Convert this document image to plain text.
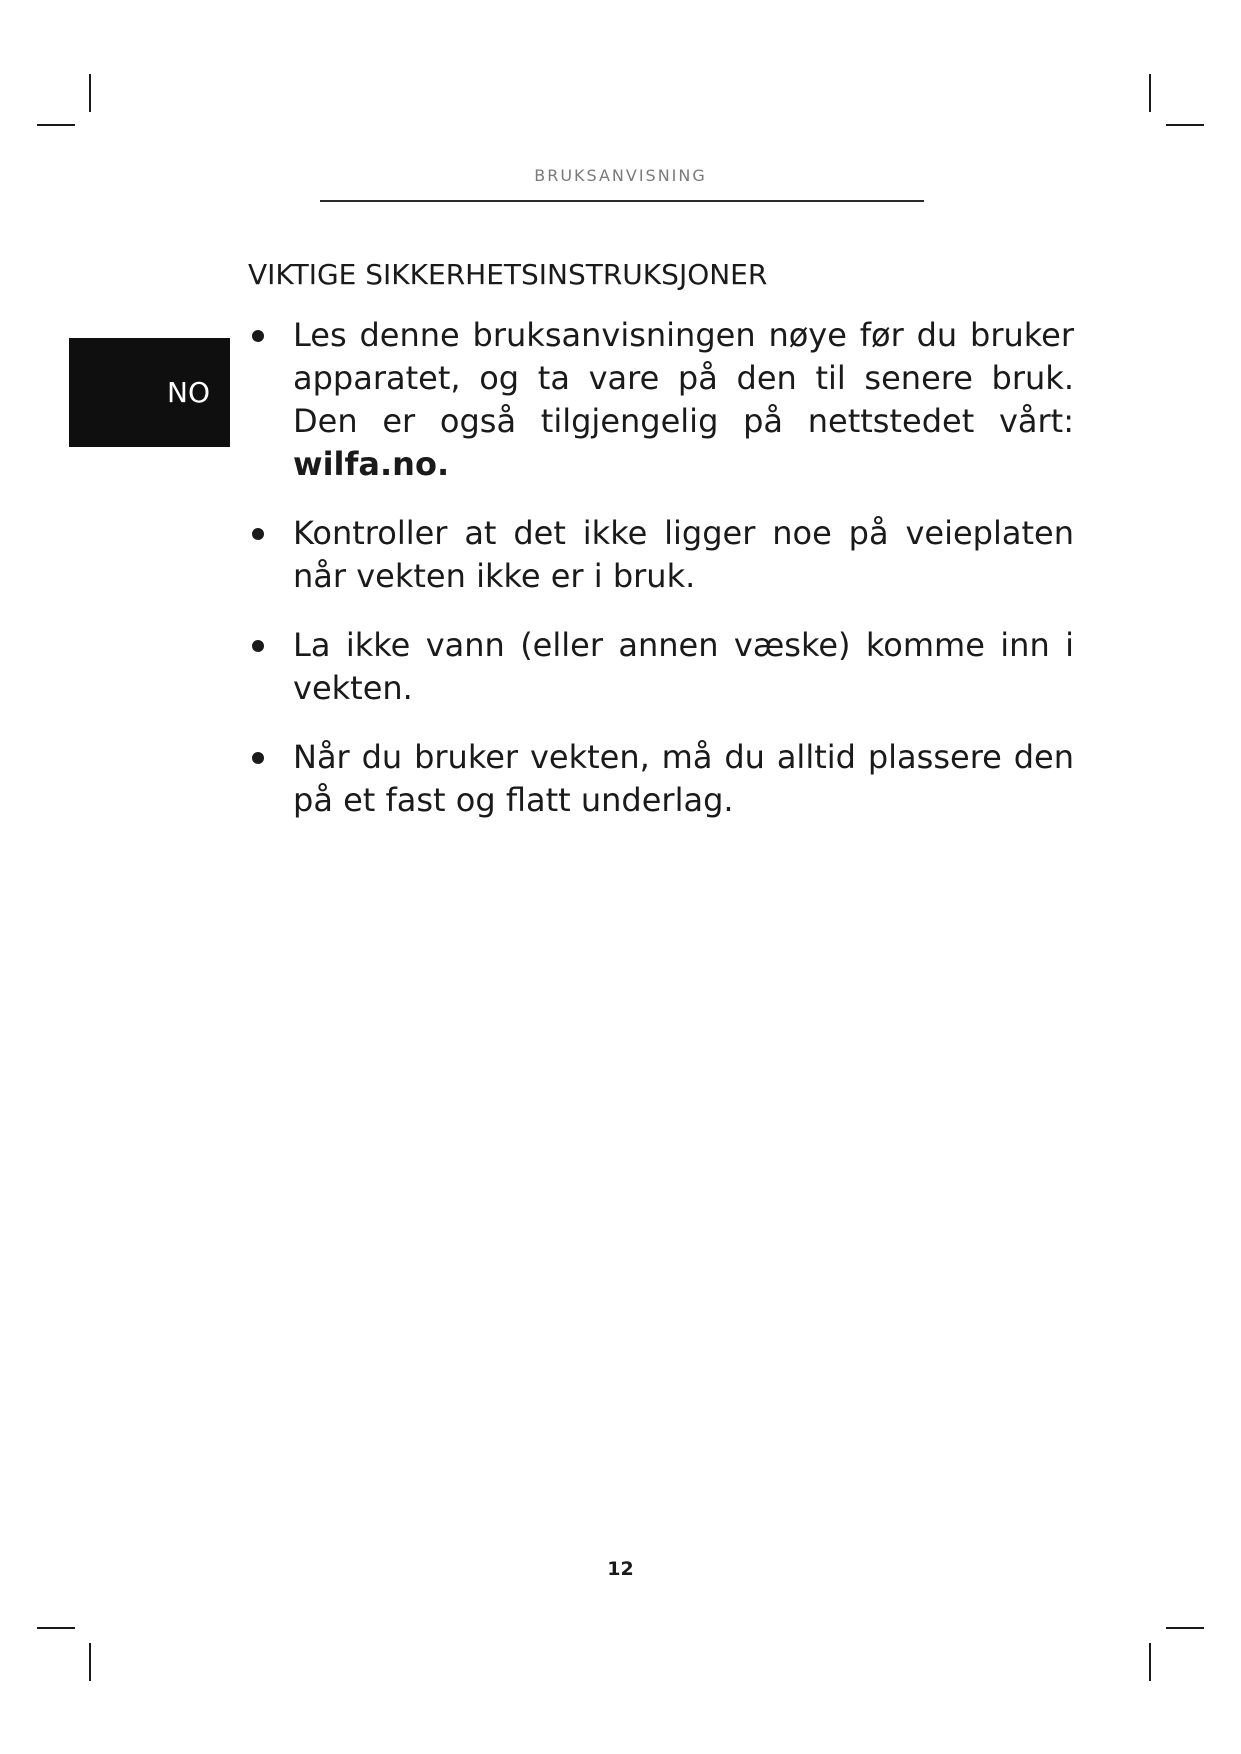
BRUKSANVISNING
NO
VIKTIGE SIKKERHETSINSTRUKSJONER
Les denne bruksanvisningen nøye før du bruker apparatet, og ta vare på den til senere bruk. Den er også tilgjengelig på nettstedet vårt: wilfa.no.
Kontroller at det ikke ligger noe på veieplaten når vekten ikke er i bruk.
La ikke vann (eller annen væske) komme inn i vekten.
Når du bruker vekten, må du alltid plassere den på et fast og flatt underlag.
12
